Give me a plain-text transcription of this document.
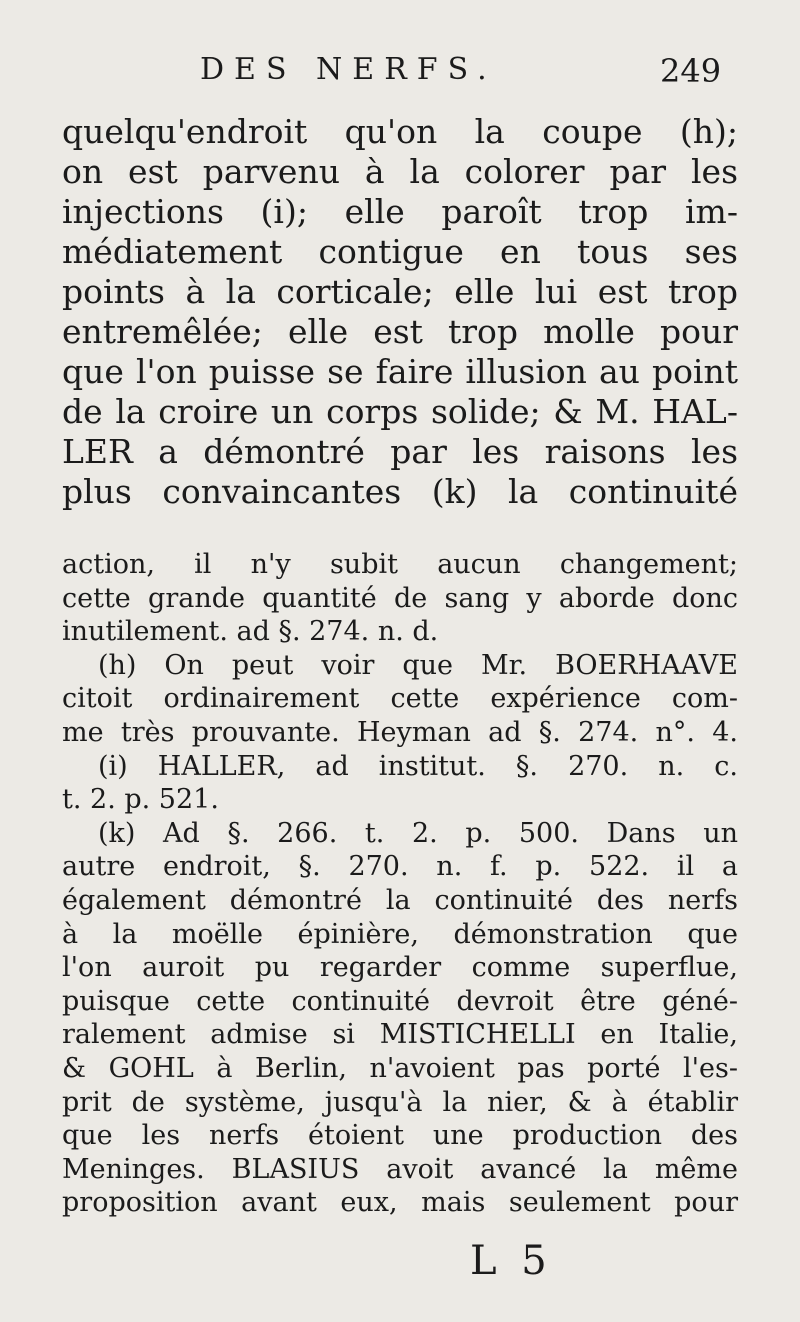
DES NERFS.	249
quelqu'endroit qu'on la coupe (h);
on est parvenu à la colorer par les
injections (i); elle paroît trop im-
médiatement contigue en tous ses
points à la corticale; elle lui est trop
entremêlée; elle est trop molle pour
que l'on puisse se faire illusion au point
de la croire un corps solide; & M. HAL-
LER a démontré par les raisons les
plus convaincantes (k) la continuité
action, il n'y subit aucun changement;
cette grande quantité de sang y aborde donc
inutilement. ad §. 274. n. d.
(h) On peut voir que Mr. BOERHAAVE
citoit ordinairement cette expérience com-
me très prouvante. Heyman ad §. 274. n°. 4.
(i) HALLER, ad institut. §. 270. n. c.
t. 2. p. 521.
(k) Ad §. 266. t. 2. p. 500. Dans un
autre endroit, §. 270. n. f. p. 522. il a
également démontré la continuité des nerfs
à la moëlle épinière, démonstration que
l'on auroit pu regarder comme superflue,
puisque cette continuité devroit être géné-
ralement admise si MISTICHELLI en Italie,
& GOHL à Berlin, n'avoient pas porté l'es-
prit de système, jusqu'à la nier, & à établir
que les nerfs étoient une production des
Meninges. BLASIUS avoit avancé la même
proposition avant eux, mais seulement pour
L 5
